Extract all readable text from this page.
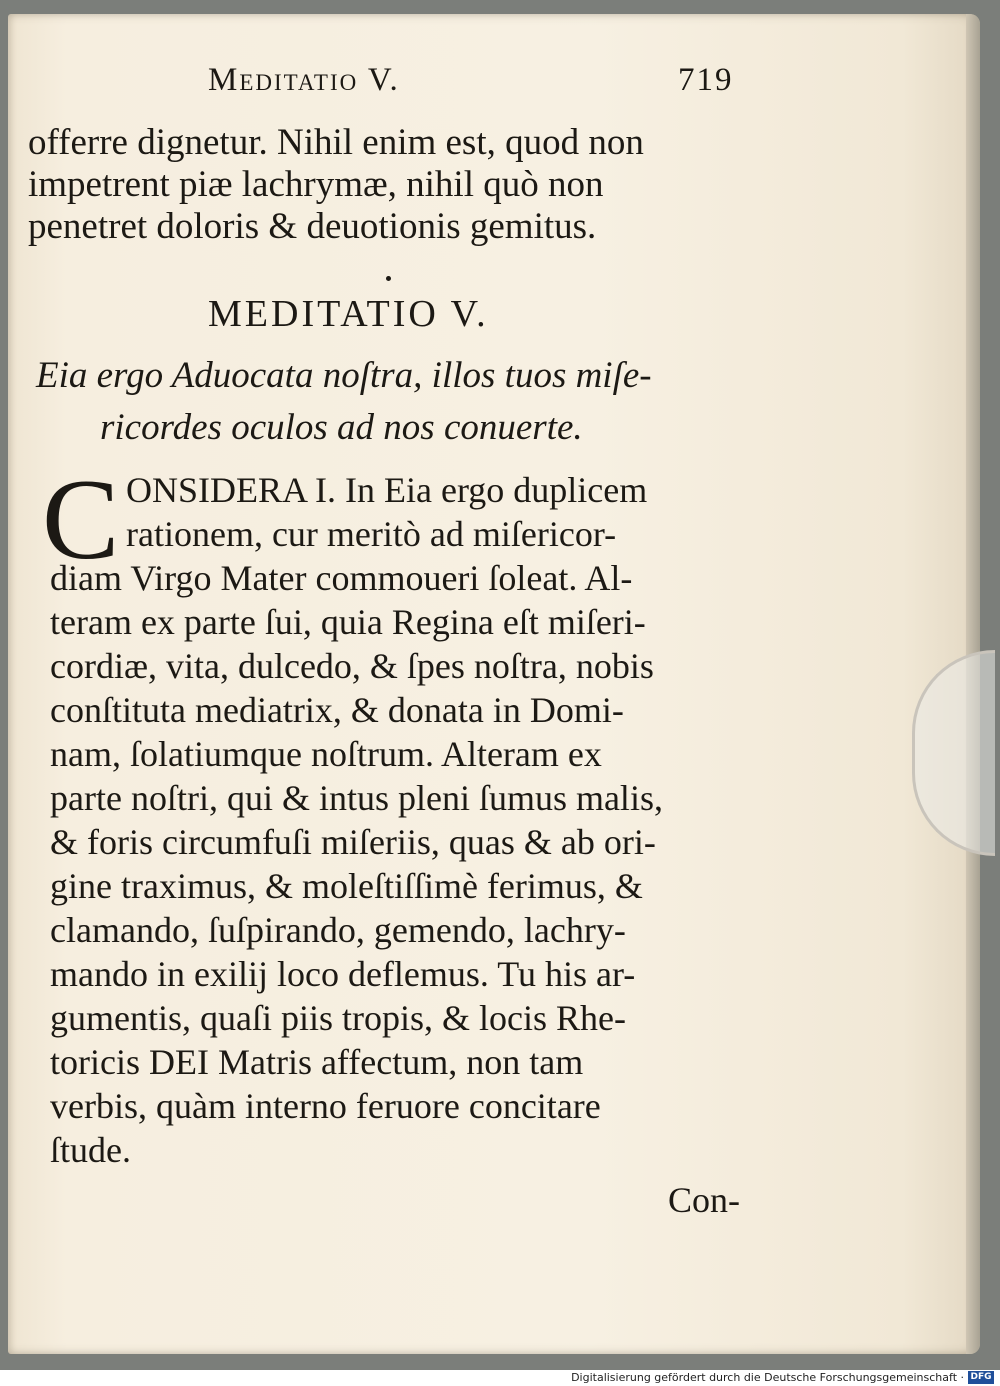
Meditatio V.	719
offerre dignetur. Nihil enim est, quod non
impetrent piæ lachrymæ, nihil quò non
penetret doloris & deuotionis gemitus.
MEDITATIO V.
Eia ergo Aduocata noſtra, illos tuos miſe-
ricordes oculos ad nos conuerte.
C ONSIDERA I. In Eia ergo duplicem
rationem, cur meritò ad miſericor-
diam Virgo Mater commoueri ſoleat. Al-
teram ex parte ſui, quia Regina eſt miſeri-
cordiæ, vita, dulcedo, & ſpes noſtra, nobis
conſtituta mediatrix, & donata in Domi-
nam, ſolatiumque noſtrum. Alteram ex
parte noſtri, qui & intus pleni ſumus malis,
& foris circumfuſi miſeriis, quas & ab ori-
gine traximus, & moleſtiſſimè ferimus, &
clamando, ſuſpirando, gemendo, lachry-
mando in exilij loco deflemus. Tu his ar-
gumentis, quaſi piis tropis, & locis Rhe-
toricis DEI Matris affectum, non tam
verbis, quàm interno feruore concitare
ſtude.
Con-
Digitalisierung gefördert durch die Deutsche Forschungsgemeinschaft · DFG
